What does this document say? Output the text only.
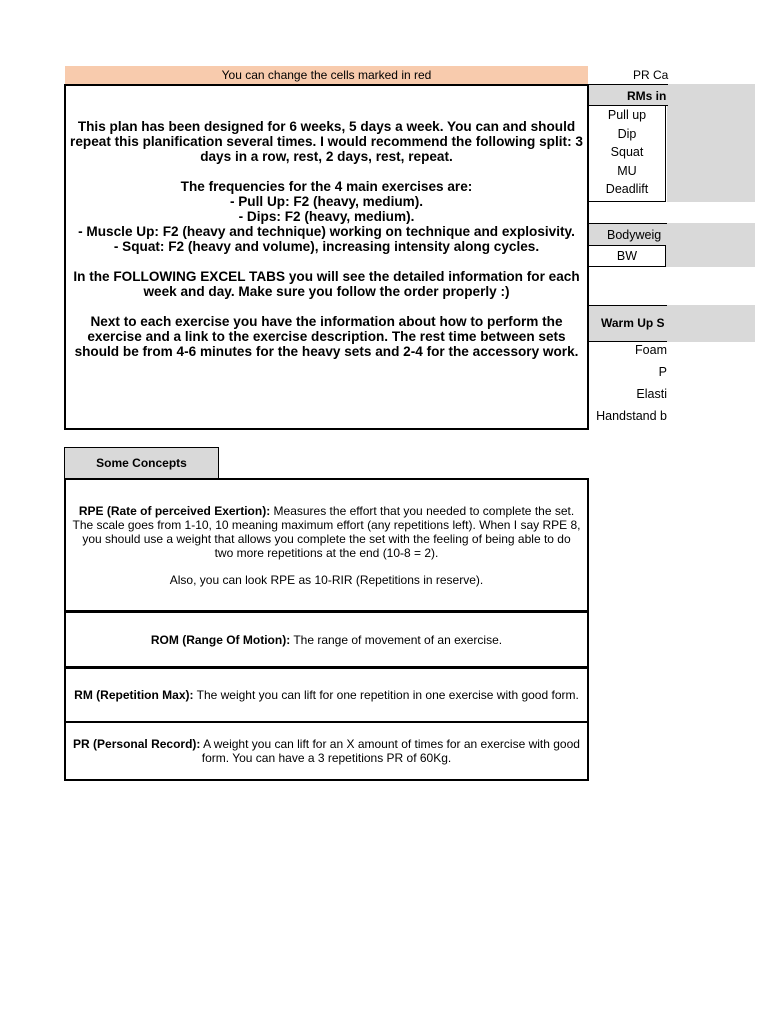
You can change the cells marked in red	PR Ca

This plan has been designed for 6 weeks, 5 days a week. You can and should repeat this planification several times. I would recommend the following split: 3 days in a row, rest, 2 days, rest, repeat.

The frequencies for the 4 main exercises are:

- Pull Up: F2 (heavy, medium).

- Dips: F2 (heavy, medium).

- Muscle Up: F2 (heavy and technique) working on technique and explosivity.

- Squat: F2 (heavy and volume), increasing intensity along cycles.

In the FOLLOWING EXCEL TABS you will see the detailed information for each week and day. Make sure you follow the order properly :)

Next to each exercise you have the information about how to perform the exercise and a link to the exercise description. The rest time between sets should be from 4-6 minutes for the heavy sets and 2-4 for the accessory work.

RMs in
Pull up
Dip
Squat
MU
Deadlift
Bodyweig
BW
Warm Up S
Foam
P
Elasti
Handstand b
Some Concepts
RPE (Rate of perceived Exertion): Measures the effort that you needed to complete the set. The scale goes from 1-10, 10 meaning maximum effort (any repetitions left). When I say RPE 8, you should use a weight that allows you complete the set with the feeling of being able to do two more repetitions at the end (10-8 = 2).
Also, you can look RPE as 10-RIR (Repetitions in reserve).
ROM (Range Of Motion): The range of movement of an exercise.
RM (Repetition Max): The weight you can lift for one repetition in one exercise with good form.
PR (Personal Record): A weight you can lift for an X amount of times for an exercise with good form. You can have a 3 repetitions PR of 60Kg.
